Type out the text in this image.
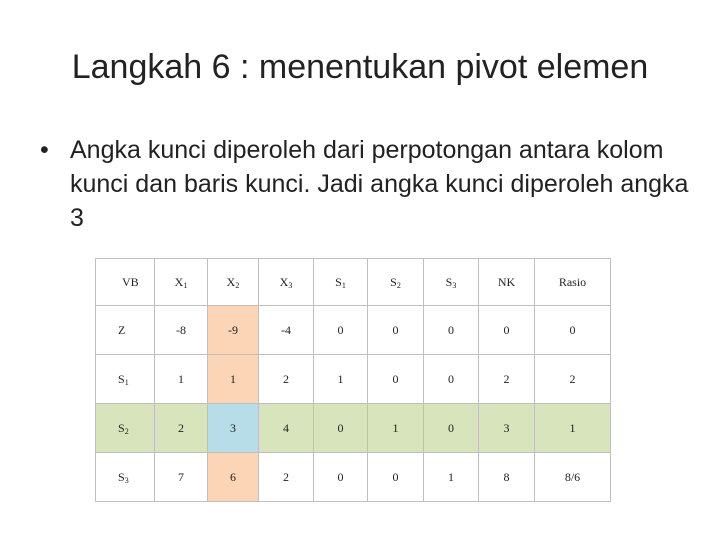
Langkah 6 : menentukan pivot elemen
• Angka kunci diperoleh dari perpotongan antara kolom kunci dan baris kunci. Jadi angka kunci diperoleh angka 3
VB	$X_1$	$X_2$	$X_3$	$S_1$	$S_2$	$S_3$	NK	Rasio
Z	-8	-9	-4	0	0	0	0	0
$S_1$	1	1	2	1	0	0	2	2
$S_2$	2	3	4	0	1	0	3	1
$S_3$	7	6	2	0	0	1	8	8/6
